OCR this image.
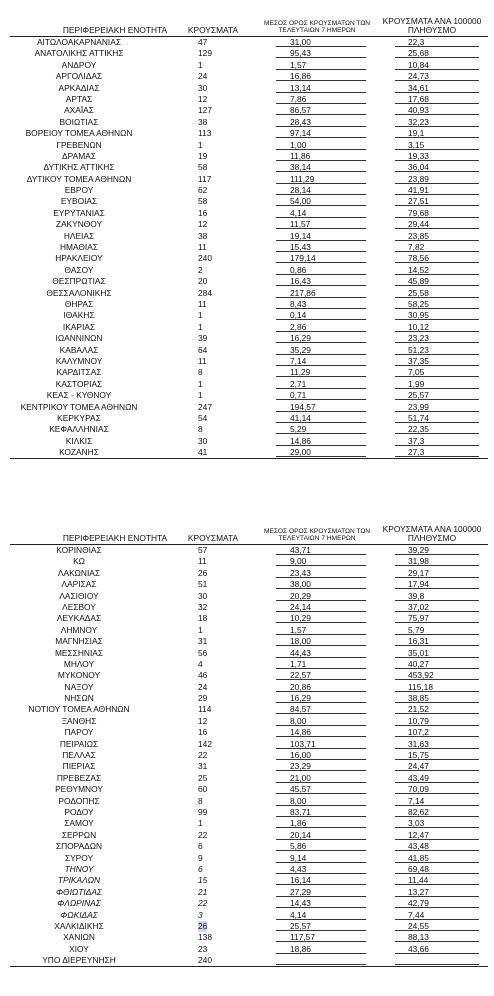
ΠΕΡΙΦΕΡΕΙΑΚΗ ΕΝΟΤΗΤΑ	ΚΡΟΥΣΜΑΤΑ
ΜΕΣΟΣ ΟΡΟΣ ΚΡΟΥΣΜΑΤΩΝ ΤΩΝ ΤΕΛΕΥΤΑΙΩΝ 7 ΗΜΕΡΩΝ
ΚΡΟΥΣΜΑΤΑ ΑΝΑ 100000 ΠΛΗΘΥΣΜΟ
ΑΙΤΩΛΟΑΚΑΡΝΑΝΙΑΣ	47	31,00	22,3
ΑΝΑΤΟΛΙΚΗΣ ΑΤΤΙΚΗΣ	129	95,43	25,68
ΑΝΔΡΟΥ	1	1,57	10,84
ΑΡΓΟΛΙΔΑΣ	24	16,86	24,73
ΑΡΚΑΔΙΑΣ	30	13,14	34,61
ΑΡΤΑΣ	12	7,86	17,68
ΑΧΑΪΑΣ	127	86,57	40,93
ΒΟΙΩΤΙΑΣ	38	28,43	32,23
ΒΟΡΕΙΟΥ ΤΟΜΕΑ ΑΘΗΝΩΝ	113	97,14	19,1
ΓΡΕΒΕΝΩΝ	1	1,00	3,15
ΔΡΑΜΑΣ	19	11,86	19,33
ΔΥΤΙΚΗΣ ΑΤΤΙΚΗΣ	58	38,14	36,04
ΔΥΤΙΚΟΥ ΤΟΜΕΑ ΑΘΗΝΩΝ	117	111,29	23,89
ΕΒΡΟΥ	62	28,14	41,91
ΕΥΒΟΙΑΣ	58	54,00	27,51
ΕΥΡΥΤΑΝΙΑΣ	16	4,14	79,68
ΖΑΚΥΝΘΟΥ	12	11,57	29,44
ΗΛΕΙΑΣ	38	19,14	23,85
ΗΜΑΘΙΑΣ	11	15,43	7,82
ΗΡΑΚΛΕΙΟΥ	240	179,14	78,56
ΘΑΣΟΥ	2	0,86	14,52
ΘΕΣΠΡΩΤΙΑΣ	20	16,43	45,89
ΘΕΣΣΑΛΟΝΙΚΗΣ	284	217,86	25,58
ΘΗΡΑΣ	11	8,43	58,25
ΙΘΑΚΗΣ	1	0,14	30,95
ΙΚΑΡΙΑΣ	1	2,86	10,12
ΙΩΑΝΝΙΝΩΝ	39	16,29	23,23
ΚΑΒΑΛΑΣ	64	35,29	51,23
ΚΑΛΥΜΝΟΥ	11	7,14	37,35
ΚΑΡΔΙΤΣΑΣ	8	11,29	7,05
ΚΑΣΤΟΡΙΑΣ	1	2,71	1,99
ΚΕΑΣ - ΚΥΘΝΟΥ	1	0,71	25,57
ΚΕΝΤΡΙΚΟΥ ΤΟΜΕΑ ΑΘΗΝΩΝ	247	194,57	23,99
ΚΕΡΚΥΡΑΣ	54	41,14	51,74
ΚΕΦΑΛΛΗΝΙΑΣ	8	5,29	22,35
ΚΙΛΚΙΣ	30	14,86	37,3
ΚΟΖΑΝΗΣ	41	29,00	27,3
ΠΕΡΙΦΕΡΕΙΑΚΗ ΕΝΟΤΗΤΑ	ΚΡΟΥΣΜΑΤΑ
ΜΕΣΟΣ ΟΡΟΣ ΚΡΟΥΣΜΑΤΩΝ ΤΩΝ ΤΕΛΕΥΤΑΙΩΝ 7 ΗΜΕΡΩΝ
ΚΡΟΥΣΜΑΤΑ ΑΝΑ 100000 ΠΛΗΘΥΣΜΟ
ΚΟΡΙΝΘΙΑΣ	57	43,71	39,29
ΚΩ	11	9,00	31,98
ΛΑΚΩΝΙΑΣ	26	23,43	29,17
ΛΑΡΙΣΑΣ	51	38,00	17,94
ΛΑΣΙΘΙΟΥ	30	20,29	39,8
ΛΕΣΒΟΥ	32	24,14	37,02
ΛΕΥΚΑΔΑΣ	18	10,29	75,97
ΛΗΜΝΟΥ	1	1,57	5,79
ΜΑΓΝΗΣΙΑΣ	31	18,00	16,31
ΜΕΣΣΗΝΙΑΣ	56	44,43	35,01
ΜΗΛΟΥ	4	1,71	40,27
ΜΥΚΟΝΟΥ	46	22,57	453,92
ΝΑΞΟΥ	24	20,86	115,18
ΝΗΣΩΝ	29	16,29	38,85
ΝΟΤΙΟΥ ΤΟΜΕΑ ΑΘΗΝΩΝ	114	84,57	21,52
ΞΑΝΘΗΣ	12	8,00	10,79
ΠΑΡΟΥ	16	14,86	107,2
ΠΕΙΡΑΙΩΣ	142	103,71	31,63
ΠΕΛΛΑΣ	22	16,00	15,75
ΠΙΕΡΙΑΣ	31	23,29	24,47
ΠΡΕΒΕΖΑΣ	25	21,00	43,49
ΡΕΘΥΜΝΟΥ	60	45,57	70,09
ΡΟΔΟΠΗΣ	8	8,00	7,14
ΡΟΔΟΥ	99	83,71	82,62
ΣΑΜΟΥ	1	1,86	3,03
ΣΕΡΡΩΝ	22	20,14	12,47
ΣΠΟΡΑΔΩΝ	6	5,86	43,48
ΣΥΡΟΥ	9	9,14	41,85
ΤΗΝΟΥ	6	4,43	69,48
ΤΡΙΚΑΛΩΝ	15	16,14	11,44
ΦΘΙΩΤΙΔΑΣ	21	27,29	13,27
ΦΛΩΡΙΝΑΣ	22	14,43	42,79
ΦΩΚΙΔΑΣ	3	4,14	7,44
ΧΑΛΚΙΔΙΚΗΣ	26	25,57	24,55
ΧΑΝΙΩΝ	138	117,57	88,13
ΧΙΟΥ	23	18,86	43,66
ΥΠΟ ΔΙΕΡΕΥΝΗΣΗ	240
